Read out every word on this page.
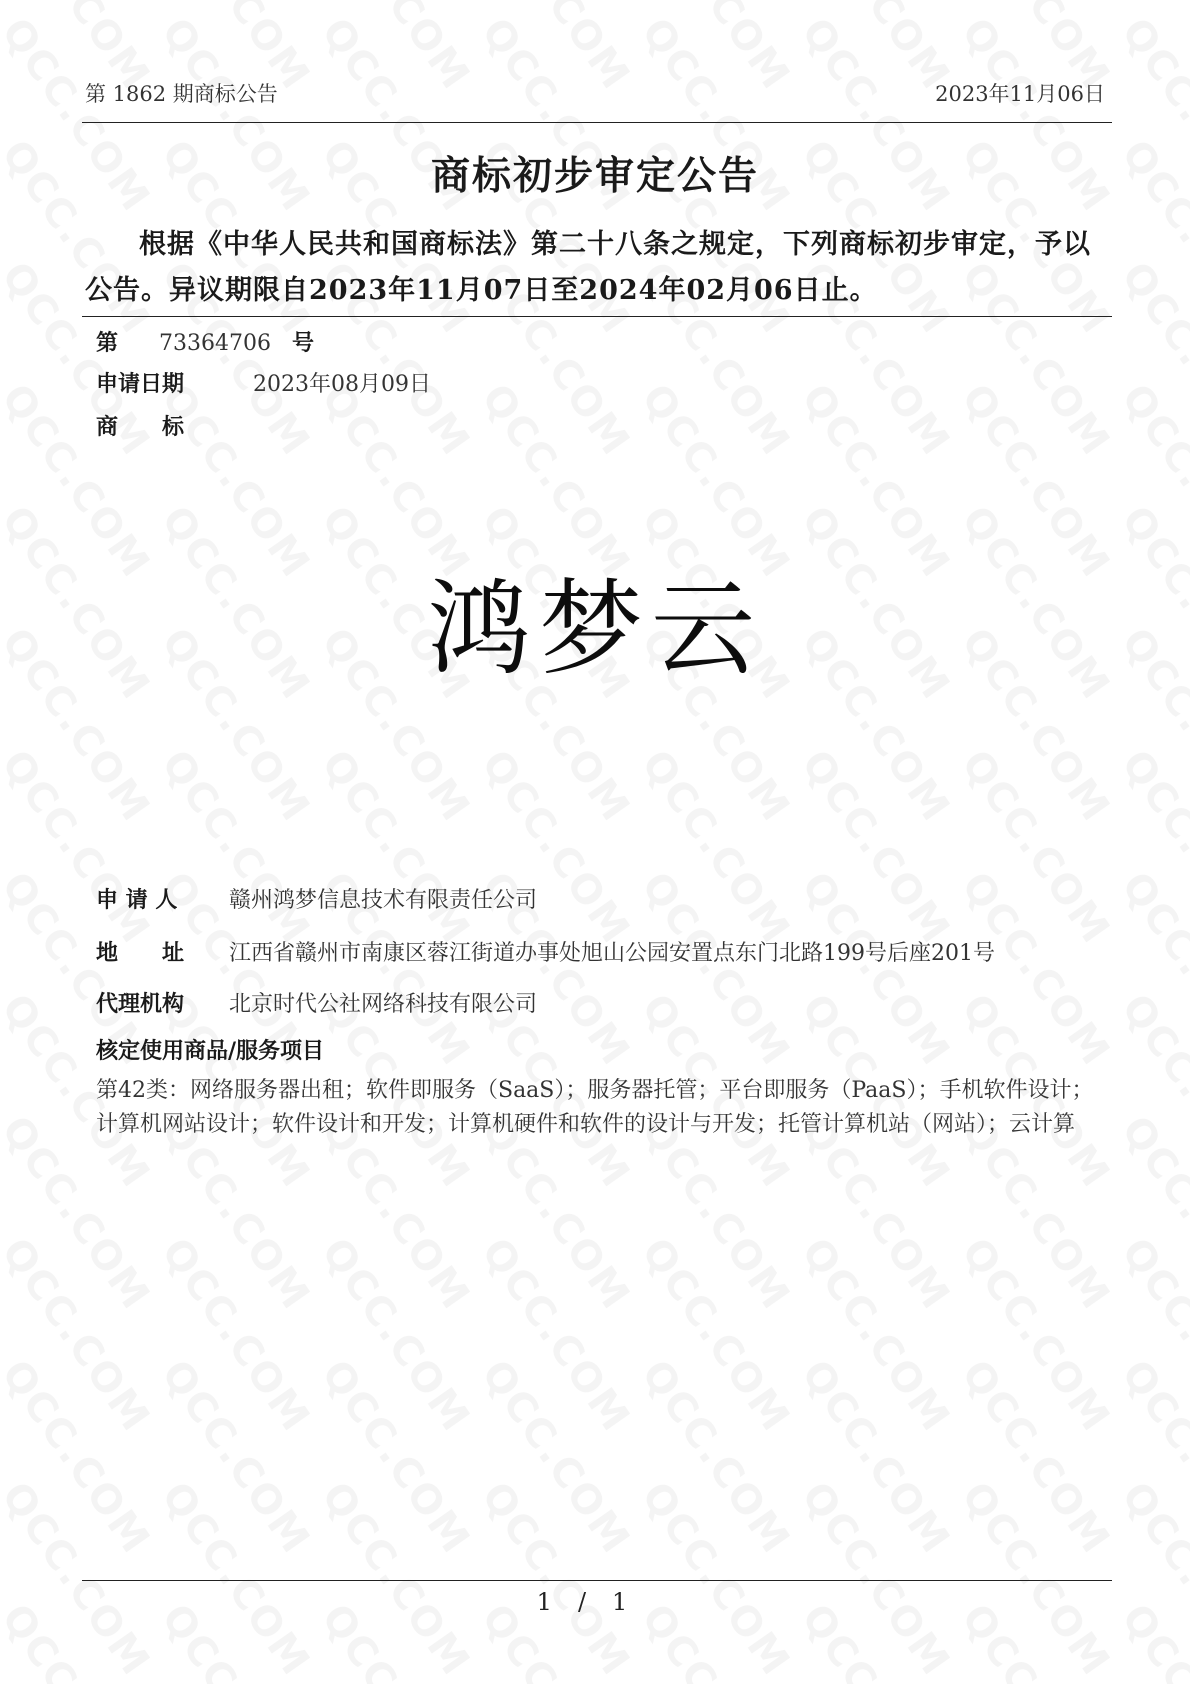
第 1862 期商标公告	2023年11月06日
商标初步审定公告
根据《中华人民共和国商标法》第二十八条之规定，下列商标初步审定，予以公告。异议期限自2023年11月07日至2024年02月06日止。
第 73364706 号
申请日期	2023年08月09日
商　　标
鸿梦云
申 请 人 赣州鸿梦信息技术有限责任公司
地　　址 江西省赣州市南康区蓉江街道办事处旭山公园安置点东门北路199号后座201号
代理机构 北京时代公社网络科技有限公司
核定使用商品/服务项目
第42类：网络服务器出租；软件即服务（SaaS）；服务器托管；平台即服务（PaaS）；手机软件设计；计算机网站设计；软件设计和开发；计算机硬件和软件的设计与开发；托管计算机站（网站）；云计算
1/1
